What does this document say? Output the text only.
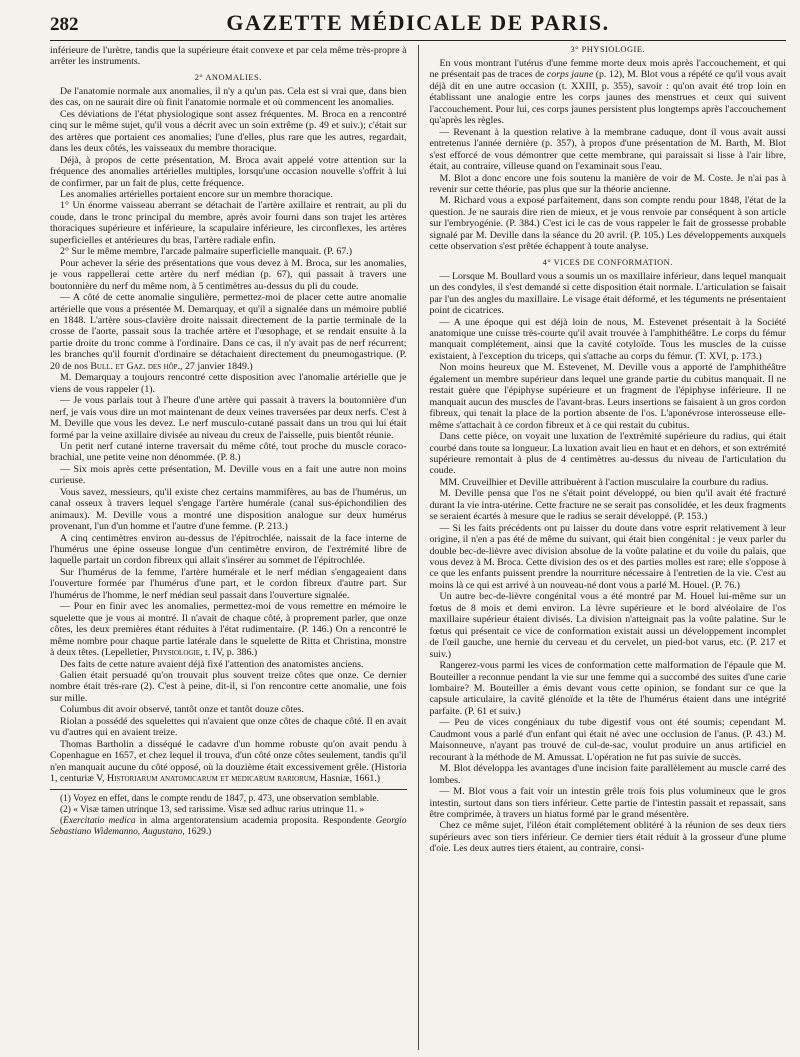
282	GAZETTE MÉDICALE DE PARIS.

inférieure de l'urètre, tandis que la supérieure était convexe et par cela même très-propre à arrêter les instruments.

2° ANOMALIES.

De l'anatomie normale aux anomalies, il n'y a qu'un pas. Cela est si vrai que, dans bien des cas, on ne saurait dire où finit l'anatomie normale et où commencent les anomalies.

Ces déviations de l'état physiologique sont assez fréquentes. M. Broca en a rencontré cinq sur le même sujet, qu'il vous a décrit avec un soin extrême (p. 49 et suiv.); c'était sur des artères que portaient ces anomalies; l'une d'elles, plus rare que les autres, regardait, dans les deux côtés, les vaisseaux du membre thoracique.

Déjà, à propos de cette présentation, M. Broca avait appelé votre attention sur la fréquence des anomalies artérielles multiples, lorsqu'une occasion nouvelle s'offrit à lui de confirmer, par un fait de plus, cette fréquence.

Les anomalies artérielles portaient encore sur un membre thoracique.

1° Un énorme vaisseau aberrant se détachait de l'artère axillaire et rentrait, au pli du coude, dans le tronc principal du membre, après avoir fourni dans son trajet les artères thoraciques supérieure et inférieure, la scapulaire inférieure, les circonflexes, les artères superficielles et antérieures du bras, l'artère radiale enfin.

2° Sur le même membre, l'arcade palmaire superficielle manquait. (P. 67.)

Pour achever la série des présentations que vous devez à M. Broca, sur les anomalies, je vous rappellerai cette artère du nerf médian (p. 67), qui passait à travers une boutonnière du nerf du même nom, à 5 centimètres au-dessus du pli du coude.

— A côté de cette anomalie singulière, permettez-moi de placer cette autre anomalie artérielle que vous a présentée M. Demarquay, et qu'il a signalée dans un mémoire publié en 1848. L'artère sous-clavière droite naissait directement de la partie terminale de la crosse de l'aorte, passait sous la trachée artère et l'œsophage, et se rendait ensuite à la partie droite du tronc comme à l'ordinaire. Dans ce cas, il n'y avait pas de nerf récurrent; les branches qu'il fournit d'ordinaire se détachaient directement du pneumogastrique. (P. 20 de nos Bull. et Gaz. des hôp., 27 janvier 1849.)

M. Demarquay a toujours rencontré cette disposition avec l'anomalie artérielle que je viens de vous rappeler (1).

— Je vous parlais tout à l'heure d'une artère qui passait à travers la boutonnière d'un nerf, je vais vous dire un mot maintenant de deux veines traversées par deux nerfs. C'est à M. Deville que vous les devez. Le nerf musculo-cutané passait dans un trou qui lui était formé par la veine axillaire divisée au niveau du creux de l'aisselle, puis bientôt réunie.

Un petit nerf cutané interne traversait du même côté, tout proche du muscle coraco-brachial, une petite veine non dénommée. (P. 8.)

— Six mois après cette présentation, M. Deville vous en a fait une autre non moins curieuse.

Vous savez, messieurs, qu'il existe chez certains mammifères, au bas de l'humérus, un canal osseux à travers lequel s'engage l'artère humérale (canal sus-épichondilien des animaux). M. Deville vous a montré une disposition analogue sur deux humérus provenant, l'un d'un homme et l'autre d'une femme. (P. 213.)

A cinq centimètres environ au-dessus de l'épitrochlée, naissait de la face interne de l'humérus une épine osseuse longue d'un centimètre environ, de l'extrémité libre de laquelle partait un cordon fibreux qui allait s'insérer au sommet de l'épitrochlée.

Sur l'humérus de la femme, l'artère humérale et le nerf médian s'engageaient dans l'ouverture formée par l'humérus d'une part, et le cordon fibreux d'autre part. Sur l'humérus de l'homme, le nerf médian seul passait dans l'ouverture signalée.

— Pour en finir avec les anomalies, permettez-moi de vous remettre en mémoire le squelette que je vous ai montré. Il n'avait de chaque côté, à proprement parler, que onze côtes, les deux premières étant réduites à l'état rudimentaire. (P. 146.) On a rencontré le même nombre pour chaque partie latérale dans le squelette de Ritta et Christina, monstre à deux têtes. (Lepelletier, Physiologie, t. IV, p. 386.)

Des faits de cette nature avaient déjà fixé l'attention des anatomistes anciens.

Galien était persuadé qu'on trouvait plus souvent treize côtes que onze. Ce dernier nombre était très-rare (2). C'est à peine, dit-il, si l'on rencontre cette anomalie, une fois sur mille.

Columbus dit avoir observé, tantôt onze et tantôt douze côtes.

Riolan a possédé des squelettes qui n'avaient que onze côtes de chaque côté. Il en avait vu d'autres qui en avaient treize.

Thomas Bartholin a disséqué le cadavre d'un homme robuste qu'on avait pendu à Copenhague en 1657, et chez lequel il trouva, d'un côté onze côtes seulement, tandis qu'il n'en manquait aucune du côté opposé, où la douzième était excessivement grêle. (Historia 1, centuriæ V, Historiarum anatomicarum et medicarum rariorum, Hasniæ, 1661.)

(1) Voyez en effet, dans le compte rendu de 1847, p. 473, une observation semblable.

(2) « Visæ tamen utrinque 13, sed rarissime. Visæ sed adhuc rarius utrinque 11. »

(Exercitatio medica in alma argentoratensium academia proposita. Respondente Georgio Sebastiano Widemanno, Augustano, 1629.)

3° PHYSIOLOGIE.

En vous montrant l'utérus d'une femme morte deux mois après l'accouchement, et qui ne présentait pas de traces de corps jaune (p. 12), M. Blot vous a répété ce qu'il vous avait déjà dit en une autre occasion (t. XXIII, p. 355), savoir : qu'on avait été trop loin en établissant une analogie entre les corps jaunes des menstrues et ceux qui suivent l'accouchement. Pour lui, ces corps jaunes persistent plus longtemps après l'accouchement qu'après les règles.

— Revenant à la question relative à la membrane caduque, dont il vous avait aussi entretenus l'année dernière (p. 357), à propos d'une présentation de M. Barth, M. Blot s'est efforcé de vous démontrer que cette membrane, qui paraissait si lisse à l'air libre, était, au contraire, villeuse quand on l'examinait sous l'eau.

M. Blot a donc encore une fois soutenu la manière de voir de M. Coste. Je n'ai pas à revenir sur cette théorie, pas plus que sur la théorie ancienne.

M. Richard vous a exposé parfaitement, dans son compte rendu pour 1848, l'état de la question. Je ne saurais dire rien de mieux, et je vous renvoie par conséquent à son article sur l'embryogénie. (P. 384.) C'est ici le cas de vous rappeler le fait de grossesse probable signalé par M. Deville dans la séance du 20 avril. (P. 105.) Les développements auxquels cette observation s'est prêtée échappent à toute analyse.

4° VICES DE CONFORMATION.

— Lorsque M. Boullard vous a soumis un os maxillaire inférieur, dans lequel manquait un des condyles, il s'est demandé si cette disposition était normale. L'articulation se faisait par l'un des angles du maxillaire. Le visage était déformé, et les téguments ne présentaient point de cicatrices.

— A une époque qui est déjà loin de nous, M. Estevenet présentait à la Société anatomique une cuisse très-courte qu'il avait trouvée à l'amphithéâtre. Le corps du fémur manquait complétement, ainsi que la cavité cotyloïde. Tous les muscles de la cuisse existaient, à l'exception du triceps, qui s'attache au corps du fémur. (T. XVI, p. 173.)

Non moins heureux que M. Estevenet, M. Deville vous a apporté de l'amphithéâtre également un membre supérieur dans lequel une grande partie du cubitus manquait. Il ne restait guère que l'épiphyse supérieure et un fragment de l'épiphyse inférieure. Il ne manquait aucun des muscles de l'avant-bras. Leurs insertions se faisaient à un gros cordon fibreux, qui tenait la place de la portion absente de l'os. L'aponévrose interosseuse elle-même s'attachait à ce cordon fibreux et à ce qui restait du cubitus.

Dans cette pièce, on voyait une luxation de l'extrémité supérieure du radius, qui était courbé dans toute sa longueur. La luxation avait lieu en haut et en dehors, et son extrémité supérieure remontait à plus de 4 centimètres au-dessus du niveau de l'articulation du coude.

MM. Cruveilhier et Deville attribuèrent à l'action musculaire la courbure du radius.

M. Deville pensa que l'os ne s'était point développé, ou bien qu'il avait été fracturé durant la vie intra-utérine. Cette fracture ne se serait pas consolidée, et les deux fragments se seraient écartés à mesure que le radius se serait développé. (P. 153.)

— Si les faits précédents ont pu laisser du doute dans votre esprit relativement à leur origine, il n'en a pas été de même du suivant, qui était bien congénital : je veux parler du double bec-de-lièvre avec division absolue de la voûte palatine et du voile du palais, que vous devez à M. Broca. Cette division des os et des parties molles est rare; elle s'oppose à ce que les enfants puissent prendre la nourriture nécessaire à l'entretien de la vie. C'est au moins là ce qui est arrivé à un nouveau-né dont vous a parlé M. Houel. (P. 76.)

Un autre bec-de-lièvre congénital vous a été montré par M. Houel lui-même sur un fœtus de 8 mois et demi environ. La lèvre supérieure et le bord alvéolaire de l'os maxillaire supérieur étaient divisés. La division n'atteignait pas la voûte palatine. Sur le fœtus qui présentait ce vice de conformation existait aussi un développement incomplet de l'œil gauche, une hernie du cerveau et du cervelet, un pied-bot varus, etc. (P. 217 et suiv.)

Rangerez-vous parmi les vices de conformation cette malformation de l'épaule que M. Bouteiller a reconnue pendant la vie sur une femme qui a succombé des suites d'une carie lombaire? M. Bouteiller a émis devant vous cette opinion, se fondant sur ce que la capsule articulaire, la cavité glénoïde et la tête de l'humérus étaient dans une intégrité parfaite. (P. 61 et suiv.)

— Peu de vices congéniaux du tube digestif vous ont été soumis; cependant M. Caudmont vous a parlé d'un enfant qui était né avec une occlusion de l'anus. (P. 43.) M. Maisonneuve, n'ayant pas trouvé de cul-de-sac, voulut produire un anus artificiel en recourant à la méthode de M. Amussat. L'opération ne fut pas suivie de succès.

M. Blot développa les avantages d'une incision faite parallèlement au muscle carré des lombes.

— M. Blot vous a fait voir un intestin grêle trois fois plus volumineux que le gros intestin, surtout dans son tiers inférieur. Cette partie de l'intestin passait et repassait, sans être comprimée, à travers un hiatus formé par le grand mésentère.

Chez ce même sujet, l'iléon était complétement oblitéré à la réunion de ses deux tiers supérieurs avec son tiers inférieur. Ce dernier tiers était réduit à la grosseur d'une plume d'oie. Les deux autres tiers étaient, au contraire, consi-
